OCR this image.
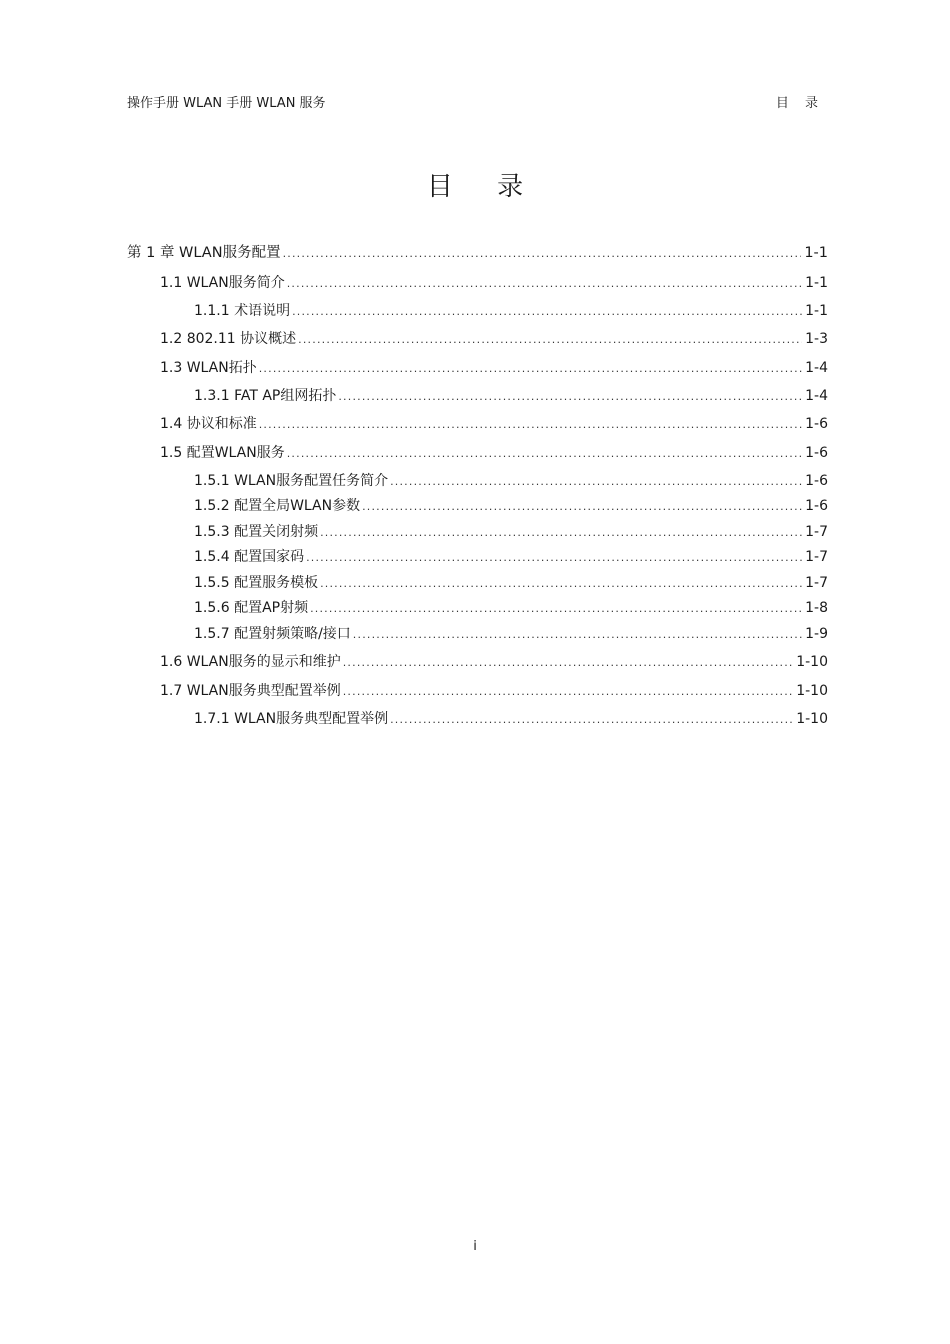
操作手册 WLAN 手册 WLAN 服务	目 录
目 录
第 1 章 WLAN服务配置 .....	1-1
1.1 WLAN服务简介 .....	1-1
1.1.1 术语说明 .....	1-1
1.2 802.11 协议概述 .....	1-3
1.3 WLAN拓扑 .....	1-4
1.3.1 FAT AP组网拓扑 .....	1-4
1.4 协议和标准 .....	1-6
1.5 配置WLAN服务 .....	1-6
1.5.1 WLAN服务配置任务简介 .....	1-6
1.5.2 配置全局WLAN参数 .....	1-6
1.5.3 配置关闭射频 .....	1-7
1.5.4 配置国家码 .....	1-7
1.5.5 配置服务模板 .....	1-7
1.5.6 配置AP射频 .....	1-8
1.5.7 配置射频策略/接口 .....	1-9
1.6 WLAN服务的显示和维护 .....	1-10
1.7 WLAN服务典型配置举例 .....	1-10
1.7.1 WLAN服务典型配置举例 .....	1-10
i
